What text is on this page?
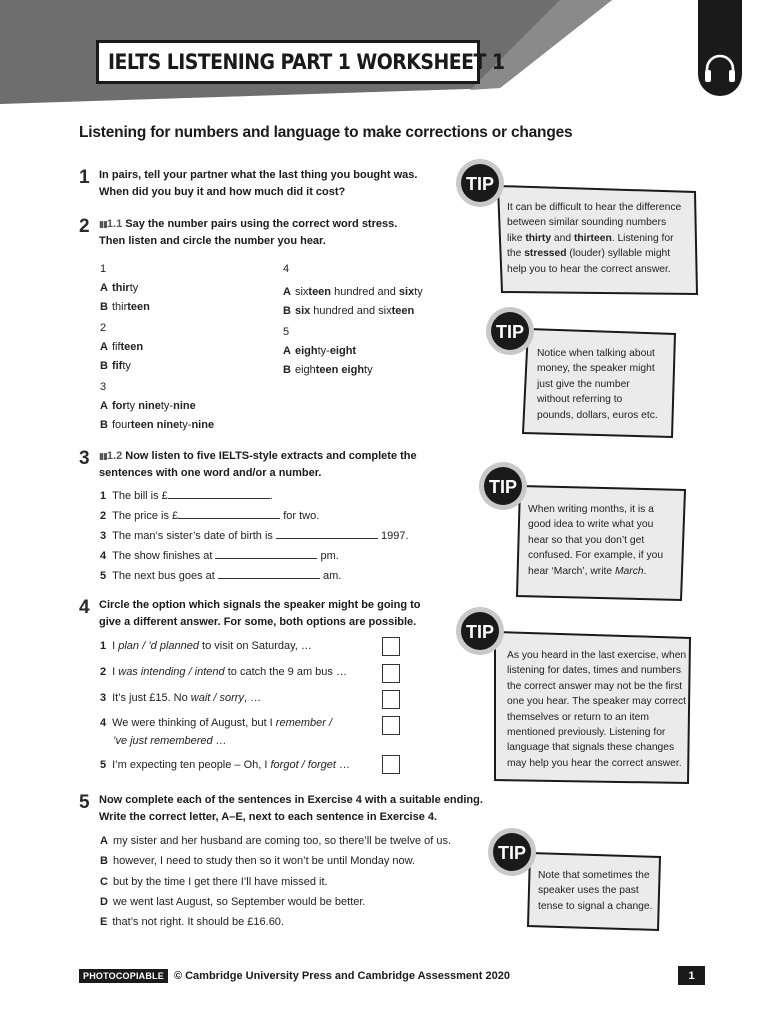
IELTS LISTENING PART 1 WORKSHEET 1
Listening for numbers and language to make corrections or changes
1 In pairs, tell your partner what the last thing you bought was.
When did you buy it and how much did it cost?
2 ▮▮1.1 Say the number pairs using the correct word stress.
Then listen and circle the number you hear.
1
A thirty
B thirteen
2
A fifteen
B fifty
3
A forty ninety-nine
B fourteen ninety-nine
4
A sixteen hundred and sixty
B six hundred and sixteen
5
A eighty-eight
B eighteen eighty
3 ▮▮1.2 Now listen to five IELTS-style extracts and complete the
sentences with one word and/or a number.
1 The bill is £	.
2 The price is £	for two.
3 The man’s sister’s date of birth is	1997.
4 The show finishes at	pm.
5 The next bus goes at	am.
4 Circle the option which signals the speaker might be going to
give a different answer. For some, both options are possible.
1 I plan / ’d planned to visit on Saturday, …
2 I was intending / intend to catch the 9 am bus …
3 It’s just £15. No wait / sorry, …
4 We were thinking of August, but I remember /
’ve just remembered …
5 I’m expecting ten people – Oh, I forgot / forget …
5 Now complete each of the sentences in Exercise 4 with a suitable ending.
Write the correct letter, A–E, next to each sentence in Exercise 4.
A my sister and her husband are coming too, so there’ll be twelve of us.
B however, I need to study then so it won’t be until Monday now.
C but by the time I get there I’ll have missed it.
D we went last August, so September would be better.
E that’s not right. It should be £16.60.
TIP
TIP
TIP
TIP
TIP
It can be difficult to hear the difference
between similar sounding numbers
like thirty and thirteen. Listening for
the stressed (louder) syllable might
help you to hear the correct answer.
Notice when talking about
money, the speaker might
just give the number
without referring to
pounds, dollars, euros etc.
When writing months, it is a
good idea to write what you
hear so that you don’t get
confused. For example, if you
hear ‘March’, write March.
As you heard in the last exercise, when
listening for dates, times and numbers
the correct answer may not be the first
one you hear. The speaker may correct
themselves or return to an item
mentioned previously. Listening for
language that signals these changes
may help you hear the correct answer.
Note that sometimes the
speaker uses the past
tense to signal a change.
PHOTOCOPIABLE © Cambridge University Press and Cambridge Assessment 2020	1
